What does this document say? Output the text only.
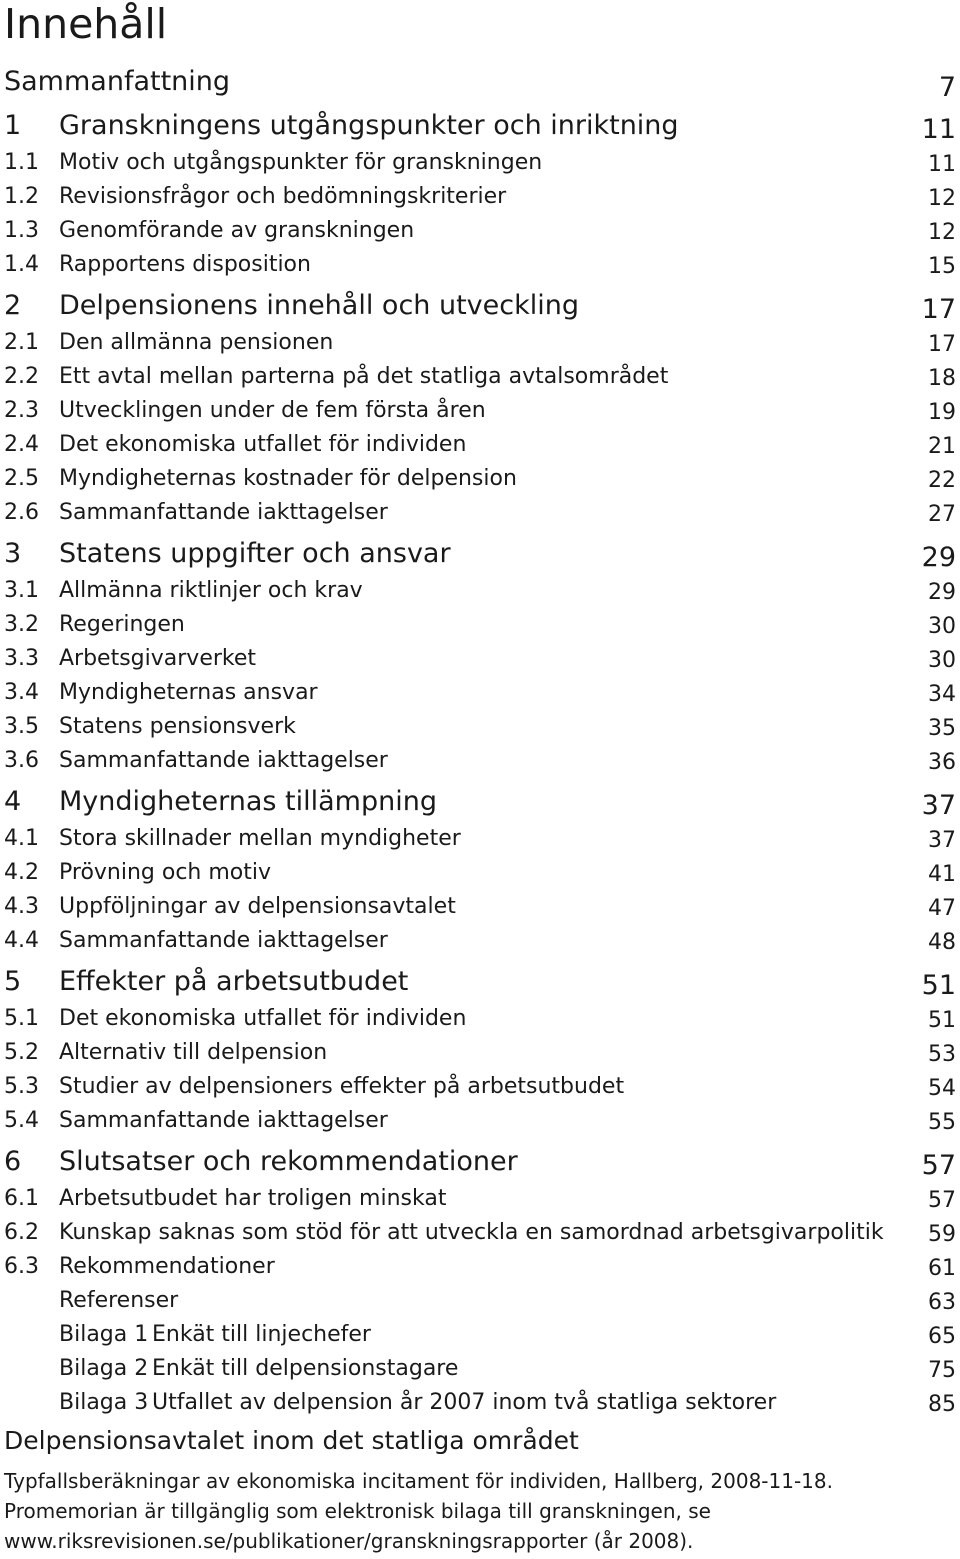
Innehåll
Sammanfattning	7
1 Granskningens utgångspunkter och inriktning	11
1.1 Motiv och utgångspunkter för granskningen	11
1.2 Revisionsfrågor och bedömningskriterier	12
1.3 Genomförande av granskningen	12
1.4 Rapportens disposition	15
2 Delpensionens innehåll och utveckling	17
2.1 Den allmänna pensionen	17
2.2 Ett avtal mellan parterna på det statliga avtalsområdet	18
2.3 Utvecklingen under de fem första åren	19
2.4 Det ekonomiska utfallet för individen	21
2.5 Myndigheternas kostnader för delpension	22
2.6 Sammanfattande iakttagelser	27
3 Statens uppgifter och ansvar	29
3.1 Allmänna riktlinjer och krav	29
3.2 Regeringen	30
3.3 Arbetsgivarverket	30
3.4 Myndigheternas ansvar	34
3.5 Statens pensionsverk	35
3.6 Sammanfattande iakttagelser	36
4 Myndigheternas tillämpning	37
4.1 Stora skillnader mellan myndigheter	37
4.2 Prövning och motiv	41
4.3 Uppföljningar av delpensionsavtalet	47
4.4 Sammanfattande iakttagelser	48
5 Effekter på arbetsutbudet	51
5.1 Det ekonomiska utfallet för individen	51
5.2 Alternativ till delpension	53
5.3 Studier av delpensioners effekter på arbetsutbudet	54
5.4 Sammanfattande iakttagelser	55
6 Slutsatser och rekommendationer	57
6.1 Arbetsutbudet har troligen minskat	57
6.2 Kunskap saknas som stöd för att utveckla en samordnad arbetsgivarpolitik 59
6.3 Rekommendationer	61
Referenser	63
Bilaga 1 Enkät till linjechefer	65
Bilaga 2 Enkät till delpensionstagare	75
Bilaga 3 Utfallet av delpension år 2007 inom två statliga sektorer	85
Delpensionsavtalet inom det statliga området

Typfallsberäkningar av ekonomiska incitament för individen, Hallberg, 2008-11-18. Promemorian är tillgänglig som elektronisk bilaga till granskningen, se www.riksrevisionen.se/publikationer/granskningsrapporter (år 2008).
